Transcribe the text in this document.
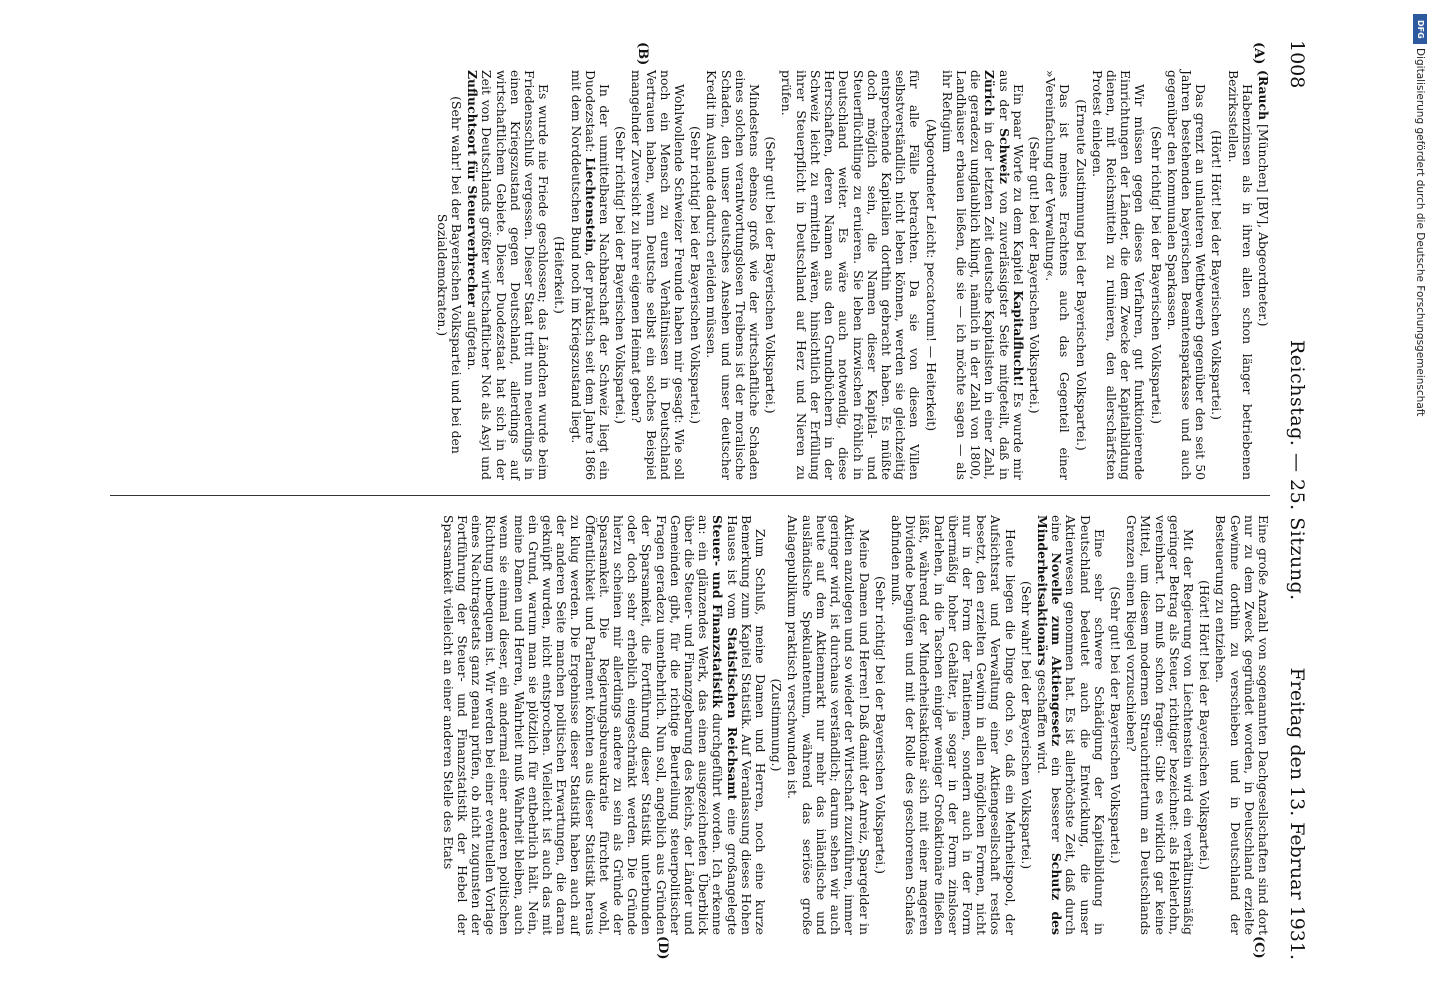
1008
Reichstag. — 25. Sitzung.
Freitag den 13. Februar 1931.
(A)
(B)
(C)
(D)

(Rauch [München] [BV], Abgeordneter.)

Habenzinsen als in ihren allen schon länger betriebenen Bezirksstellen.

(Hört! Hört! bei der Bayerischen Volkspartei.)

Das grenzt an unlauteren Wettbewerb gegenüber den seit 50 Jahren bestehenden bayerischen Beamtensparkasse und auch gegenüber den kommunalen Sparkassen.

(Sehr richtig! bei der Bayerischen Volkspartei.)

Wir müssen gegen dieses Verfahren, gut funktionierende Einrichtungen der Länder, die dem Zwecke der Kapitalbildung dienen, mit Reichsmitteln zu ruinieren, den allerschärfsten Protest einlegen.

(Erneute Zustimmung bei der Bayerischen Volkspartei.)

Das ist meines Erachtens auch das Gegenteil einer »Vereinfachung der Verwaltung«.

(Sehr gut! bei der Bayerischen Volkspartei.)

Ein paar Worte zu dem Kapitel Kapitalflucht! Es wurde mir aus der Schweiz von zuverlässigster Seite mitgeteilt, daß in Zürich in der letzten Zeit deutsche Kapitalisten in einer Zahl, die geradezu unglaublich klingt, nämlich in der Zahl von 1800, Landhäuser erbauen ließen, die sie — ich möchte sagen — als ihr Refugium

(Abgeordneter Leicht: peccatorum! — Heiterkeit)

für alle Fälle betrachten. Da sie von diesen Villen selbstverständlich nicht leben können, werden sie gleichzeitig entsprechende Kapitalien dorthin gebracht haben. Es müßte doch möglich sein, die Namen dieser Kapital- und Steuerflüchtlinge zu eruieren. Sie leben inzwischen fröhlich in Deutschland weiter. Es wäre auch notwendig, diese Herrschaften, deren Namen aus den Grundbüchern in der Schweiz leicht zu ermitteln wären, hinsichtlich der Erfüllung ihrer Steuerpflicht in Deutschland auf Herz und Nieren zu prüfen.

(Sehr gut! bei der Bayerischen Volkspartei.)

Mindestens ebenso groß wie der wirtschaftliche Schaden eines solchen verantwortungslosen Treibens ist der moralische Schaden, den unser deutsches Ansehen und unser deutscher Kredit im Auslande dadurch erleiden müssen.

(Sehr richtig! bei der Bayerischen Volkspartei.)

Wohlwollende Schweizer Freunde haben mir gesagt: Wie soll noch ein Mensch zu euren Verhältnissen in Deutschland Vertrauen haben, wenn Deutsche selbst ein solches Beispiel mangelnder Zuversicht zu ihrer eigenen Heimat geben?

(Sehr richtig! bei der Bayerischen Volkspartei.)

In der unmittelbaren Nachbarschaft der Schweiz liegt ein Duodezstaat: Liechtenstein, der praktisch seit dem Jahre 1866 mit dem Norddeutschen Bund noch im Kriegszustand liegt.

(Heiterkeit.)

Es wurde nie Friede geschlossen; das Ländchen wurde beim Friedensschluß vergessen. Dieser Staat tritt nun neuerdings in einen Kriegszustand gegen Deutschland, allerdings auf wirtschaftlichem Gebiete. Dieser Duodezstaat hat sich in der Zeit von Deutschlands größter wirtschaftlicher Not als Asyl und Zufluchtsort für Steuerverbrecher aufgetan.

(Sehr wahr! bei der Bayerischen Volkspartei und bei den Sozialdemokraten.)

Eine große Anzahl von sogenannten Dachgesellschaften sind dort nur zu dem Zweck gegründet worden, in Deutschland erzielte Gewinne dorthin zu verschieben und in Deutschland der Besteuerung zu entziehen.

(Hört! Hört! bei der Bayerischen Volkspartei.)

Mit der Regierung von Liechtenstein wird ein verhältnismäßig geringer Betrag als Steuer, richtiger bezeichnet: als Hehlerlohn, vereinbart. Ich muß schon fragen: Gibt es wirklich gar keine Mittel, um diesem modernen Strauchrittertum an Deutschlands Grenzen einen Riegel vorzuschieben?

(Sehr gut! bei der Bayerischen Volkspartei.)

Eine sehr schwere Schädigung der Kapitalbildung in Deutschland bedeutet auch die Entwicklung, die unser Aktienwesen genommen hat. Es ist allerhöchste Zeit, daß durch eine Novelle zum Aktiengesetz ein besserer Schutz des Minderheitsaktionärs geschaffen wird.

(Sehr wahr! bei der Bayerischen Volkspartei.)

Heute liegen die Dinge doch so, daß ein Mehrheitspool, der Aufsichtsrat und Verwaltung einer Aktiengesellschaft restlos besetzt, den erzielten Gewinn in allen möglichen Formen, nicht nur in der Form der Tantiemen, sondern auch in der Form übermäßig hoher Gehälter, ja sogar in der Form zinsloser Darlehen, in die Taschen einiger weniger Großaktionäre fließen läßt, während der Minderheitsaktionär sich mit einer mageren Dividende begnügen und mit der Rolle des geschorenen Schafes abfinden muß.

(Sehr richtig! bei der Bayerischen Volkspartei.)

Meine Damen und Herren! Daß damit der Anreiz, Spargelder in Aktien anzulegen und so wieder der Wirtschaft zuzuführen, immer geringer wird, ist durchaus verständlich; darum sehen wir auch heute auf dem Aktienmarkt nur mehr das inländische und ausländische Spekulantentum, während das seriöse große Anlagepublikum praktisch verschwunden ist.

(Zustimmung.)

Zum Schluß, meine Damen und Herren, noch eine kurze Bemerkung zum Kapitel Statistik. Auf Veranlassung dieses Hohen Hauses ist vom Statistischen Reichsamt eine großangelegte Steuer- und Finanzstatistik durchgeführt worden. Ich erkenne an: ein glänzendes Werk, das einen ausgezeichneten Überblick über die Steuer- und Finanzgebarung des Reichs, der Länder und Gemeinden gibt, für die richtige Beurteilung steuerpolitischer Fragen geradezu unentbehrlich. Nun soll, angeblich aus Gründen der Sparsamkeit, die Fortführung dieser Statistik unterbunden oder doch sehr erheblich eingeschränkt werden. Die Gründe hierzu scheinen mir allerdings andere zu sein als Gründe der Sparsamkeit. Die Regierungsbureaukratie fürchtet wohl, Öffentlichkeit und Parlament könnten aus dieser Statistik heraus zu klug werden. Die Ergebnisse dieser Statistik haben auch auf der anderen Seite manchen politischen Erwartungen, die daran geknüpft wurden, nicht entsprochen. Vielleicht ist auch das mit ein Grund, warum man sie plötzlich für entbehrlich hält. Nein, meine Damen und Herren, Wahrheit muß Wahrheit bleiben, auch wenn sie einmal dieser, ein andermal einer anderen politischen Richtung unbequem ist. Wir werden bei einer eventuellen Vorlage eines Nachtragsetats ganz genau prüfen, ob nicht zugunsten der Fortführung der Steuer- und Finanzstatistik der Hebel der Sparsamkeit vielleicht an einer anderen Stelle des Etats

DFG
Digitalisierung gefördert durch die Deutsche Forschungsgemeinschaft
